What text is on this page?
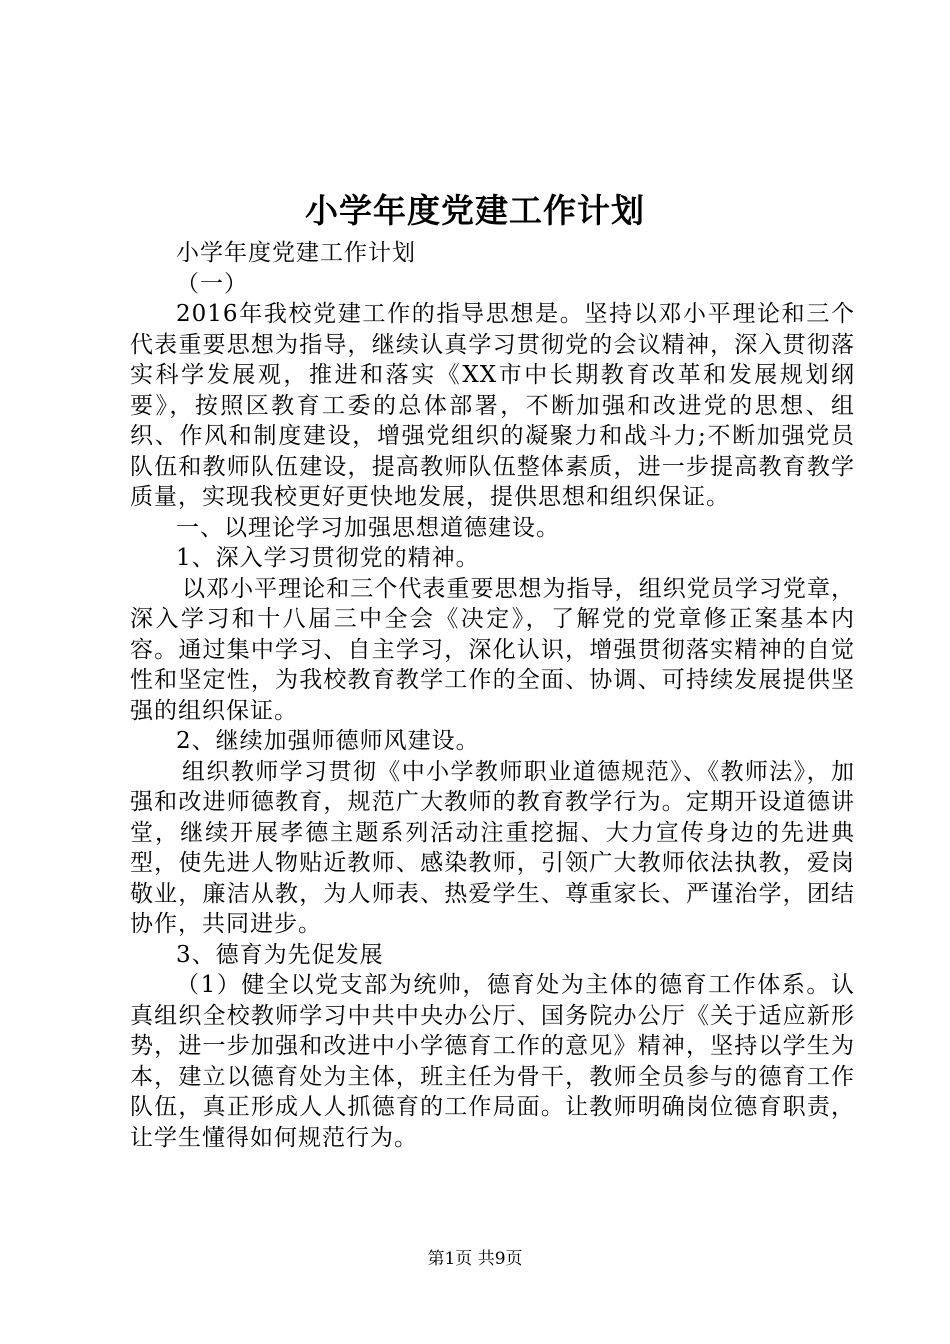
小学年度党建工作计划

小学年度党建工作计划

（一）

2016年我校党建工作的指导思想是。坚持以邓小平理论和三个代表重要思想为指导，继续认真学习贯彻党的会议精神，深入贯彻落实科学发展观，推进和落实《XX市中长期教育改革和发展规划纲要》，按照区教育工委的总体部署，不断加强和改进党的思想、组织、作风和制度建设，增强党组织的凝聚力和战斗力;不断加强党员队伍和教师队伍建设，提高教师队伍整体素质，进一步提高教育教学质量，实现我校更好更快地发展，提供思想和组织保证。

一、以理论学习加强思想道德建设。

1、深入学习贯彻党的精神。

以邓小平理论和三个代表重要思想为指导，组织党员学习党章，深入学习和十八届三中全会《决定》，了解党的党章修正案基本内容。通过集中学习、自主学习，深化认识，增强贯彻落实精神的自觉性和坚定性，为我校教育教学工作的全面、协调、可持续发展提供坚强的组织保证。

2、继续加强师德师风建设。

组织教师学习贯彻《中小学教师职业道德规范》、《教师法》，加强和改进师德教育，规范广大教师的教育教学行为。定期开设道德讲堂，继续开展孝德主题系列活动注重挖掘、大力宣传身边的先进典型，使先进人物贴近教师、感染教师，引领广大教师依法执教，爱岗敬业，廉洁从教，为人师表、热爱学生、尊重家长、严谨治学，团结协作，共同进步。

3、德育为先促发展

（1）健全以党支部为统帅，德育处为主体的德育工作体系。认真组织全校教师学习中共中央办公厅、国务院办公厅《关于适应新形势，进一步加强和改进中小学德育工作的意见》精神，坚持以学生为本，建立以德育处为主体，班主任为骨干，教师全员参与的德育工作队伍，真正形成人人抓德育的工作局面。让教师明确岗位德育职责，让学生懂得如何规范行为。

第1页 共9页
